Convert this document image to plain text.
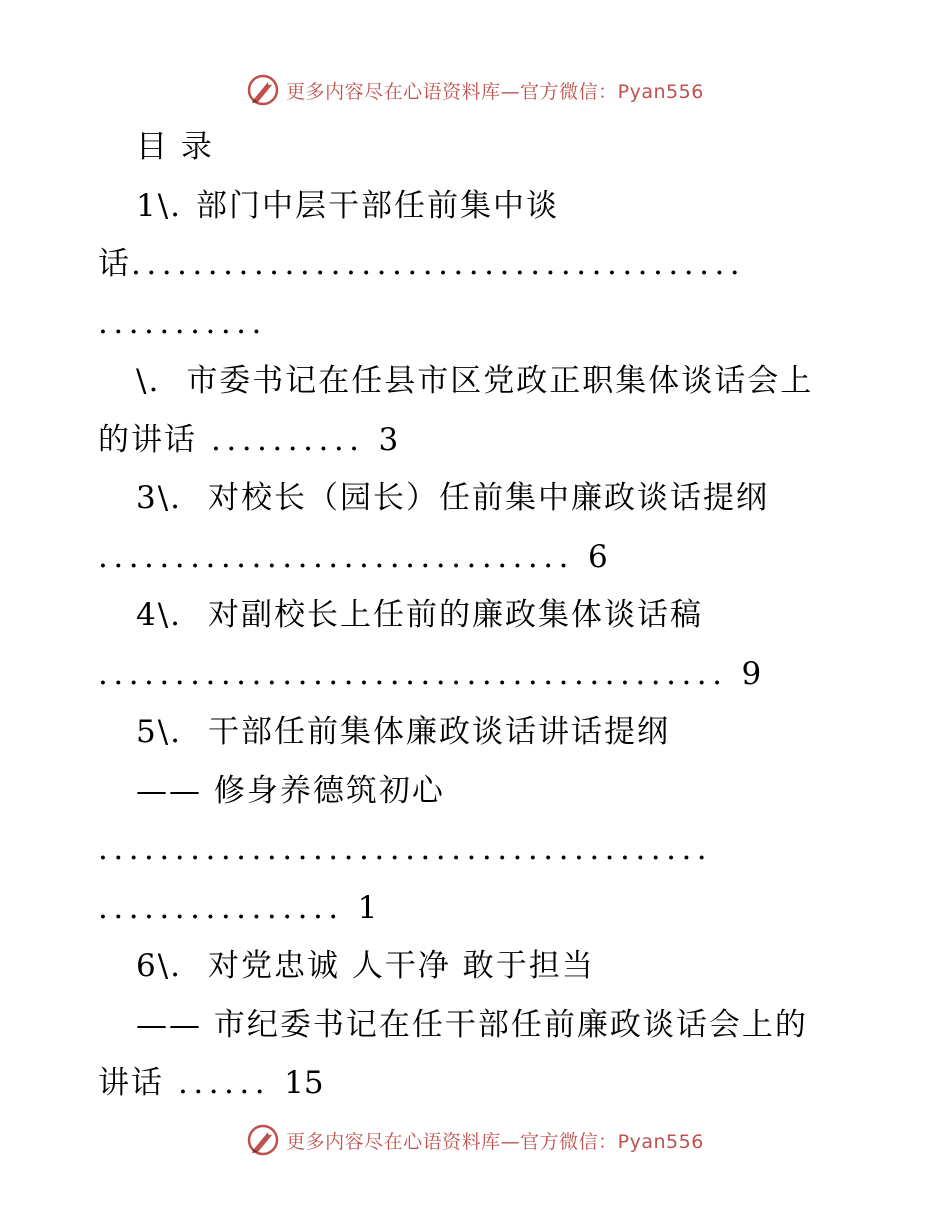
更多内容尽在心语资料库—官方微信：Pyan556
目 录
1\. 部门中层干部任前集中谈
话........................................
...........
\. 市委书记在任县市区党政正职集体谈话会上
的讲话 .......... 3
3\. 对校长（园长）任前集中廉政谈话提纲
............................... 6
4\. 对副校长上任前的廉政集体谈话稿
......................................... 9
5\. 干部任前集体廉政谈话讲话提纲
—— 修身养德筑初心
........................................
................ 1
6\. 对党忠诚 人干净 敢于担当
—— 市纪委书记在任干部任前廉政谈话会上的
讲话 ...... 15
更多内容尽在心语资料库—官方微信：Pyan556
